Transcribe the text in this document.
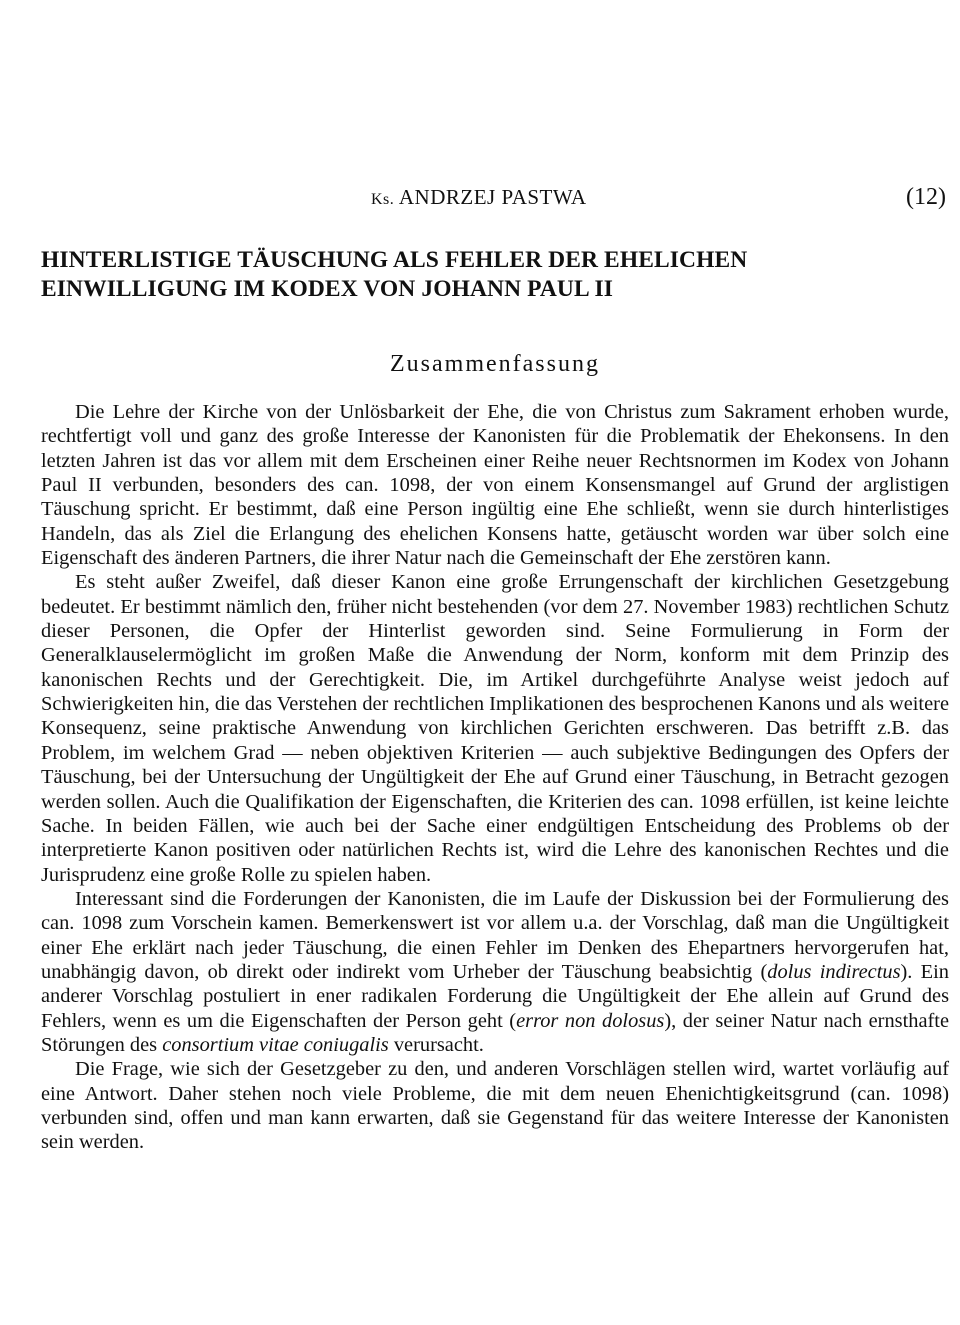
Ks. ANDRZEJ PASTWA	(12)
HINTERLISTIGE TÄUSCHUNG ALS FEHLER DER EHELICHEN
EINWILLIGUNG IM KODEX VON JOHANN PAUL II
Zusammenfassung

Die Lehre der Kirche von der Unlösbarkeit der Ehe, die von Christus zum Sakrament erhoben wurde, rechtfertigt voll und ganz des große Interesse der Kanonisten für die Problematik der Ehekonsens. In den letzten Jahren ist das vor allem mit dem Erscheinen einer Reihe neuer Rechtsnormen im Kodex von Johann Paul II verbunden, besonders des can. 1098, der von einem Konsensmangel auf Grund der arglistigen Täuschung spricht. Er bestimmt, daß eine Person ingültig eine Ehe schließt, wenn sie durch hinterlistiges Handeln, das als Ziel die Erlangung des ehelichen Konsens hatte, getäuscht worden war über solch eine Eigenschaft des änderen Partners, die ihrer Natur nach die Gemeinschaft der Ehe zerstören kann.

Es steht außer Zweifel, daß dieser Kanon eine große Errungenschaft der kirchlichen Gesetzgebung bedeutet. Er bestimmt nämlich den, früher nicht bestehenden (vor dem 27. November 1983) rechtlichen Schutz dieser Personen, die Opfer der Hinterlist geworden sind. Seine Formulierung in Form der Generalklauselermöglicht im großen Maße die Anwendung der Norm, konform mit dem Prinzip des kanonischen Rechts und der Gerechtigkeit. Die, im Artikel durchgeführte Analyse weist jedoch auf Schwierigkeiten hin, die das Verstehen der rechtlichen Implikationen des besprochenen Kanons und als weitere Konsequenz, seine praktische Anwendung von kirchlichen Gerichten erschweren. Das betrifft z.B. das Problem, im welchem Grad — neben objektiven Kriterien — auch subjektive Bedingungen des Opfers der Täuschung, bei der Untersuchung der Ungültigkeit der Ehe auf Grund einer Täuschung, in Betracht gezogen werden sollen. Auch die Qualifikation der Eigenschaften, die Kriterien des can. 1098 erfüllen, ist keine leichte Sache. In beiden Fällen, wie auch bei der Sache einer endgültigen Entscheidung des Problems ob der interpretierte Kanon positiven oder natürlichen Rechts ist, wird die Lehre des kanonischen Rechtes und die Jurisprudenz eine große Rolle zu spielen haben.

Interessant sind die Forderungen der Kanonisten, die im Laufe der Diskussion bei der Formulierung des can. 1098 zum Vorschein kamen. Bemerkenswert ist vor allem u.a. der Vorschlag, daß man die Ungültigkeit einer Ehe erklärt nach jeder Täuschung, die einen Fehler im Denken des Ehepartners hervorgerufen hat, unabhängig davon, ob direkt oder indirekt vom Urheber der Täuschung beabsichtig (dolus indirectus). Ein anderer Vorschlag postuliert in ener radikalen Forderung die Ungültigkeit der Ehe allein auf Grund des Fehlers, wenn es um die Eigenschaften der Person geht (error non dolosus), der seiner Natur nach ernsthafte Störungen des consortium vitae coniugalis verursacht.

Die Frage, wie sich der Gesetzgeber zu den, und anderen Vorschlägen stellen wird, wartet vorläufig auf eine Antwort. Daher stehen noch viele Probleme, die mit dem neuen Ehenichtigkeitsgrund (can. 1098) verbunden sind, offen und man kann erwarten, daß sie Gegenstand für das weitere Interesse der Kanonisten sein werden.
